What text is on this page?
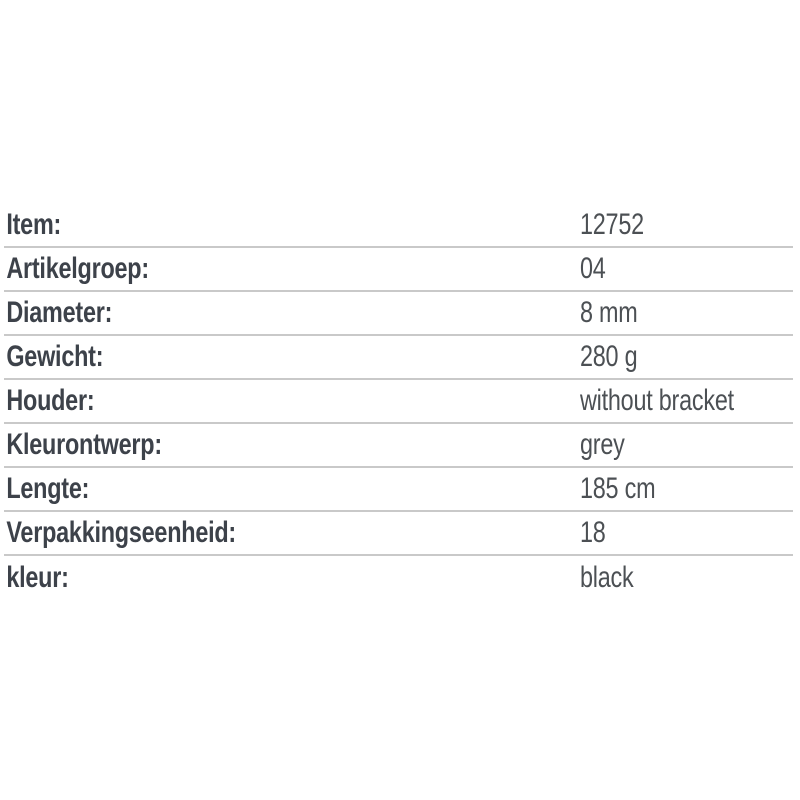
Item:	12752
Artikelgroep:	04
Diameter:	8 mm
Gewicht:	280 g
Houder:	without bracket
Kleurontwerp:	grey
Lengte:	185 cm
Verpakkingseenheid:	18
kleur:	black
